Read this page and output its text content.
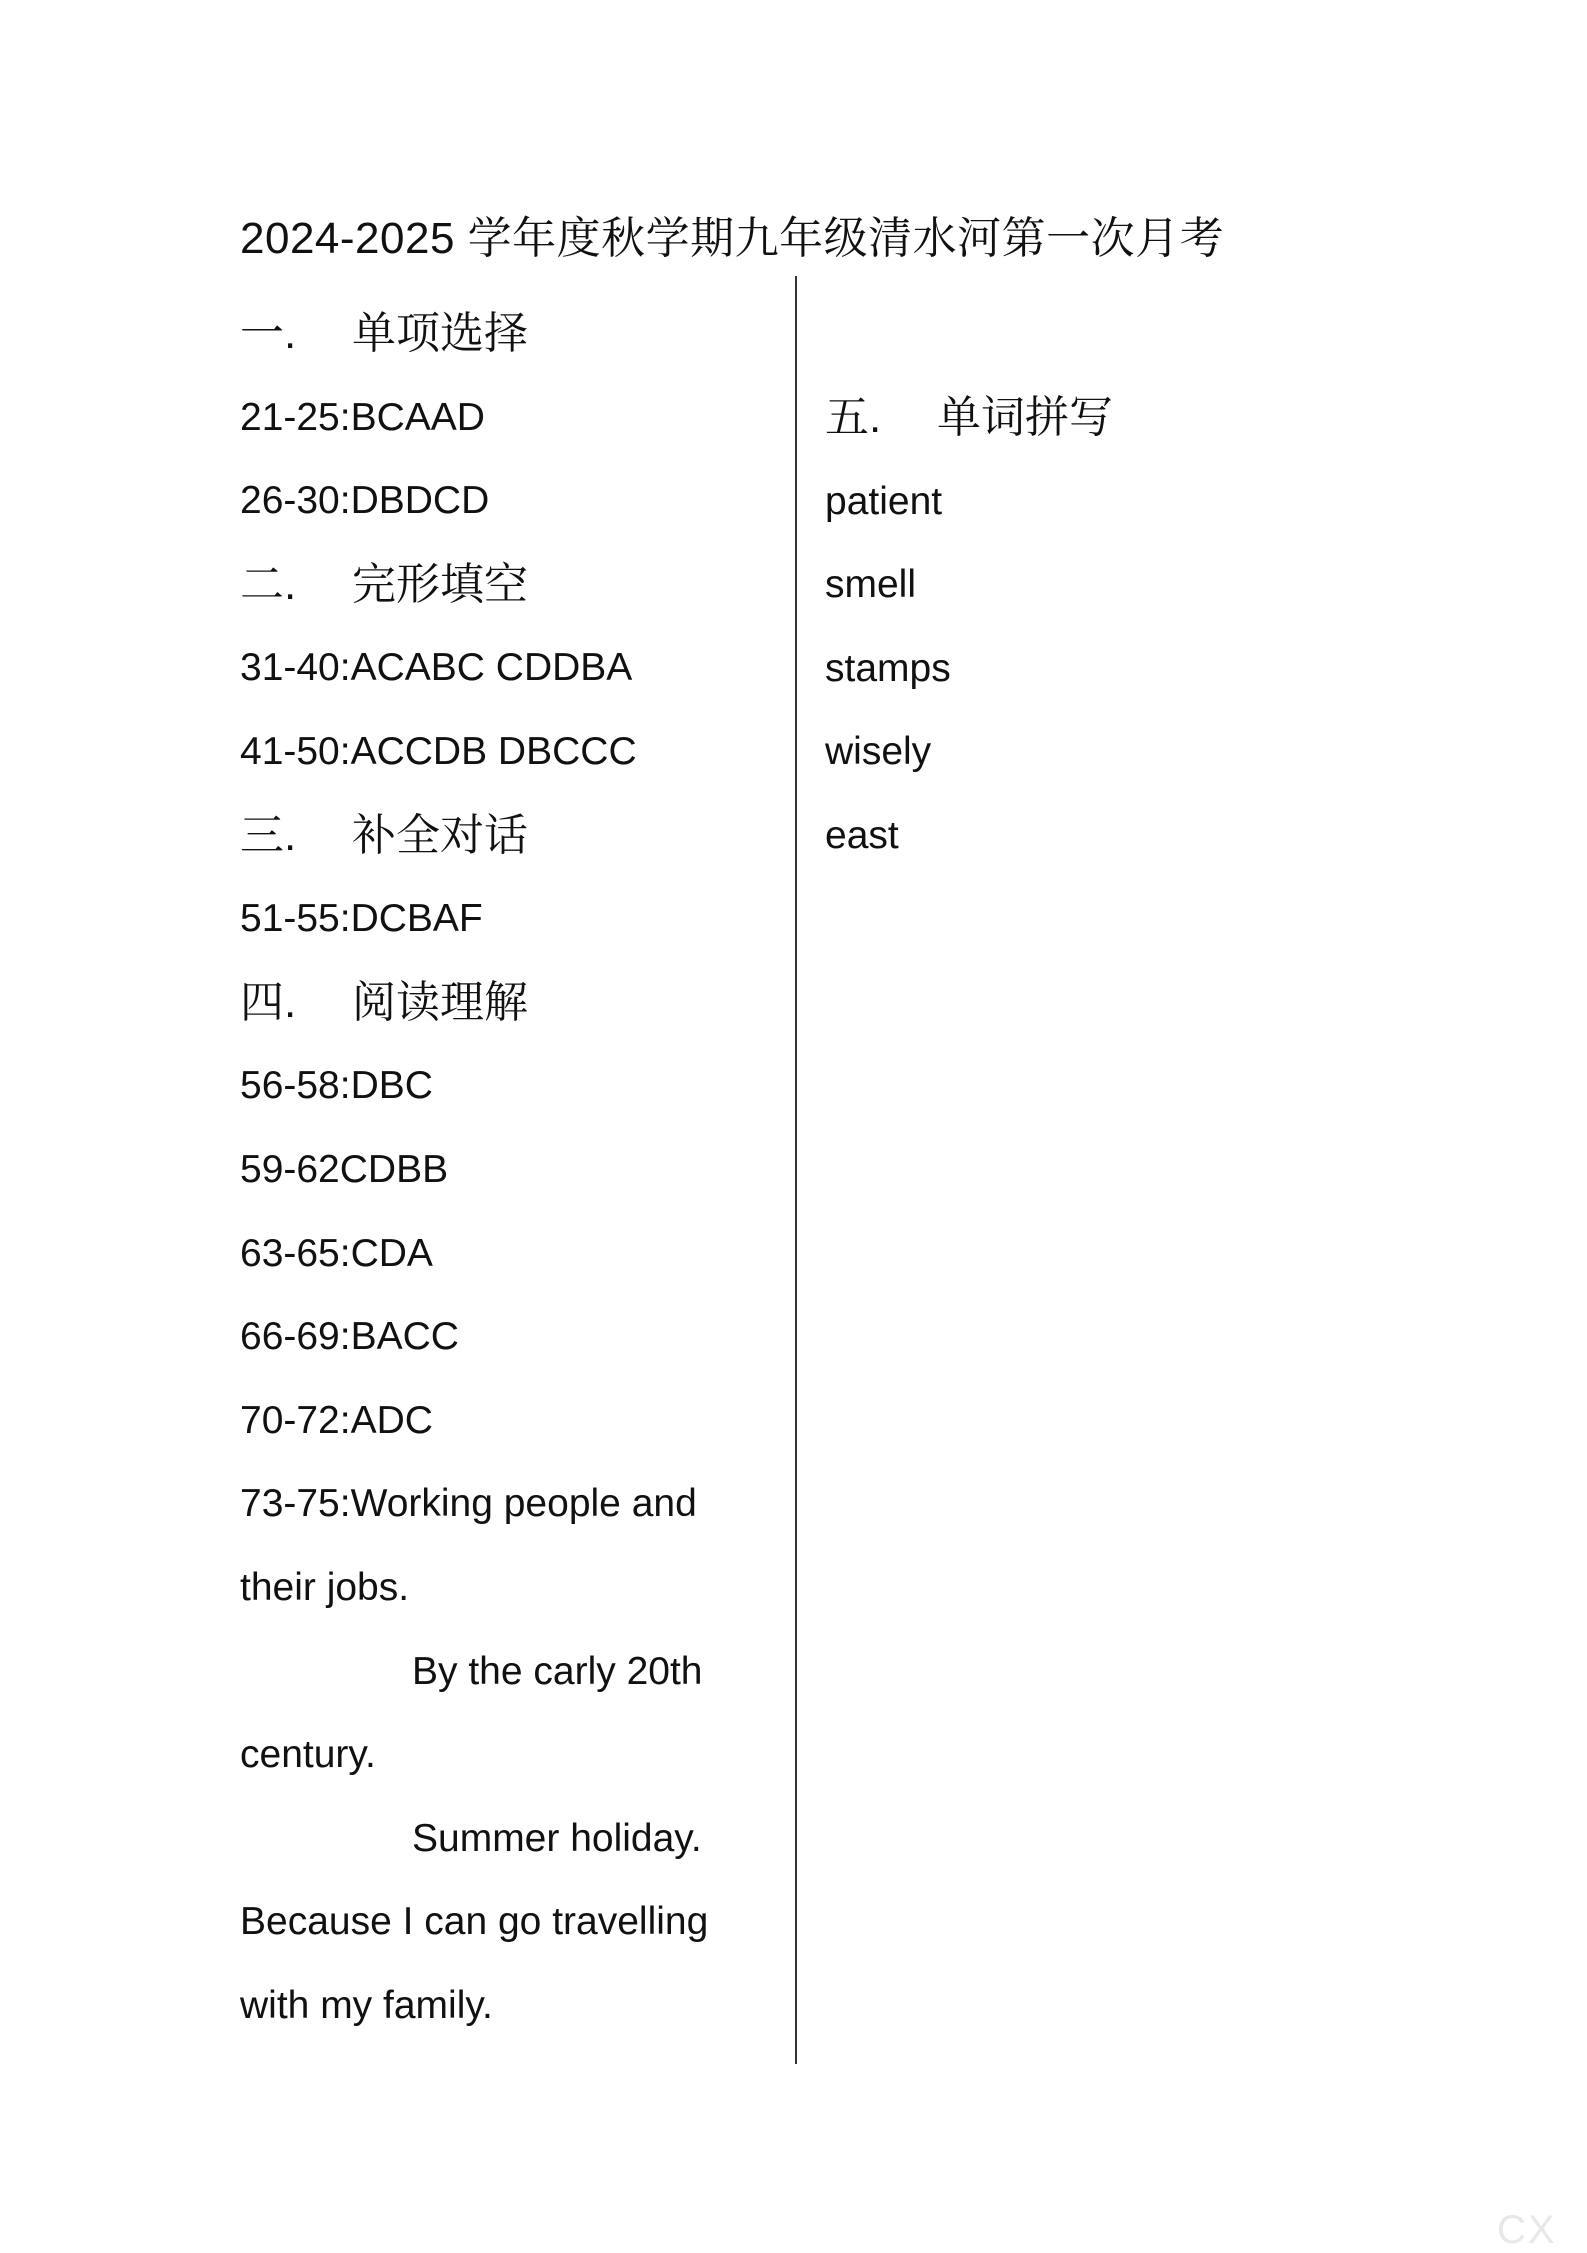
2024-2025 学年度秋学期九年级清水河第一次月考
一. 单项选择
21-25:BCAAD
26-30:DBDCD
二. 完形填空
31-40:ACABC CDDBA
41-50:ACCDB DBCCC
三. 补全对话
51-55:DCBAF
四. 阅读理解
56-58:DBC
59-62CDBB
63-65:CDA
66-69:BACC
70-72:ADC
73-75:Working people and
their jobs.
By the carly 20th
century.
Summer holiday.
Because I can go travelling
with my family.
五. 单词拼写
patient
smell
stamps
wisely
east
CX
